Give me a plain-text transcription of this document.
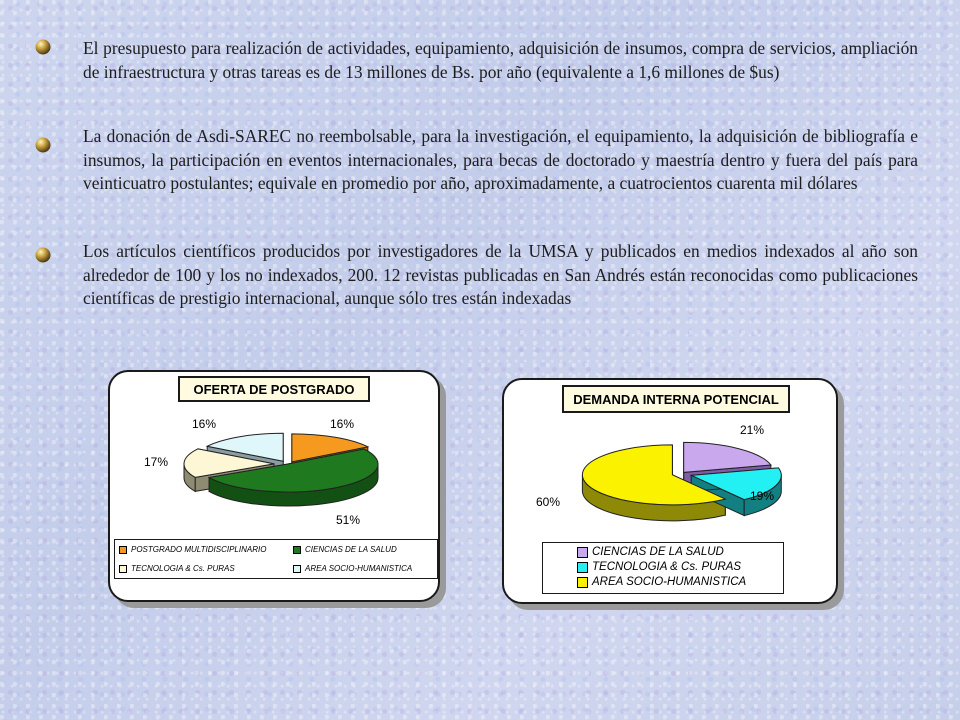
El presupuesto para realización de actividades, equipamiento, adquisición de insumos, compra de servicios, ampliación de infraestructura y otras tareas es de 13 millones de Bs. por año (equivalente a 1,6 millones de $us)

La donación de Asdi-SAREC no reembolsable, para la investigación, el equipamiento, la adquisición de bibliografía e insumos, la participación en eventos internacionales, para becas de doctorado y maestría dentro y fuera del país para veinticuatro postulantes; equivale en promedio por año, aproximadamente, a cuatrocientos cuarenta mil dólares

Los artículos científicos producidos por investigadores de la UMSA y publicados en medios indexados al año son alrededor de 100 y los no indexados, 200. 12 revistas publicadas en San Andrés están reconocidas como publicaciones científicas de prestigio internacional, aunque sólo tres están indexadas

OFERTA DE POSTGRADO
16%
51%
17%
16%
POSTGRADO MULTIDISCIPLINARIO	CIENCIAS DE LA SALUD
TECNOLOGIA & Cs. PURAS	AREA SOCIO-HUMANISTICA
DEMANDA INTERNA POTENCIAL
21%
19%
60%
CIENCIAS DE LA SALUD
TECNOLOGIA & Cs. PURAS
AREA SOCIO-HUMANISTICA
